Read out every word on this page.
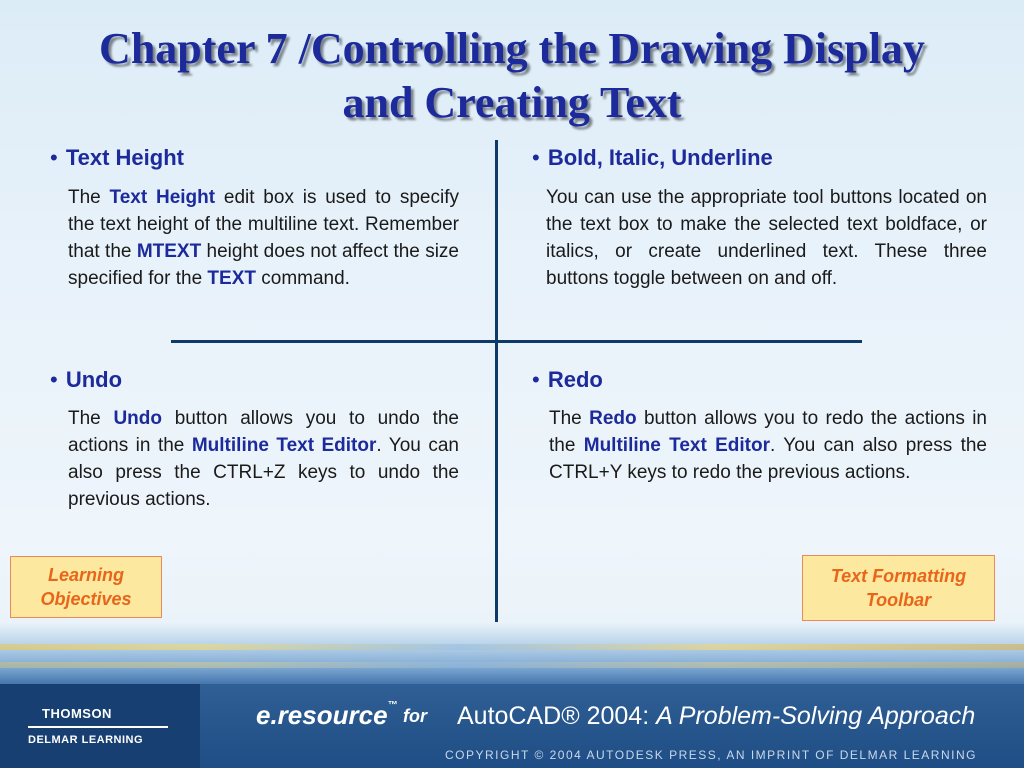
Chapter 7 /Controlling the Drawing Display
and Creating Text
• Text Height
The Text Height edit box is used to specify the text height of the multiline text. Remember that the MTEXT height does not affect the size specified for the TEXT command.
• Bold, Italic, Underline
You can use the appropriate tool buttons located on the text box to make the selected text boldface, or italics, or create underlined text. These three buttons toggle between on and off.
• Undo
The Undo button allows you to undo the actions in the Multiline Text Editor. You can also press the CTRL+Z keys to undo the previous actions.
• Redo
The Redo button allows you to redo the actions in the Multiline Text Editor. You can also press the CTRL+Y keys to redo the previous actions.
Learning
Objectives
Text Formatting
Toolbar
THOMSON
DELMAR LEARNING
e.resource™
for AutoCAD® 2004: A Problem-Solving Approach
COPYRIGHT © 2004 AUTODESK PRESS, AN IMPRINT OF DELMAR LEARNING
